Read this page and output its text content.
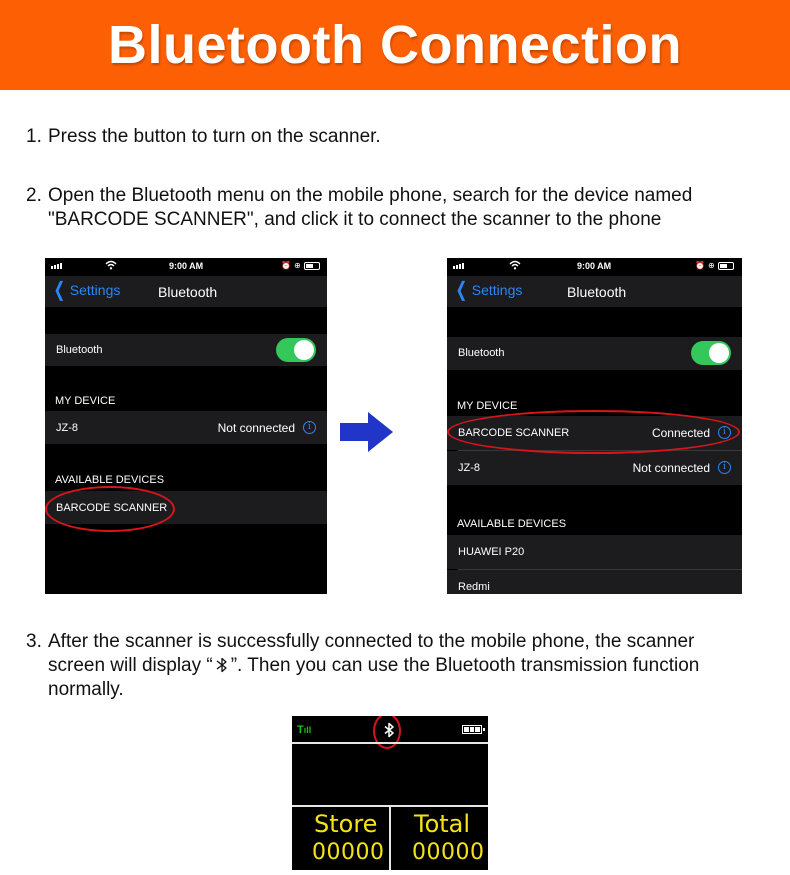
Bluetooth Connection
1. Press the button to turn on the scanner.

2. Open the Bluetooth menu on the mobile phone, search for the device named

"BARCODE SCANNER", and click it to connect the scanner to the phone

9:00 AM	⏰ ⊕
❮ Settings	Bluetooth
Bluetooth
MY DEVICE
JZ-8	Not connected	i
AVAILABLE DEVICES
BARCODE SCANNER
9:00 AM	⏰ ⊕
❮ Settings	Bluetooth
Bluetooth
MY DEVICE
BARCODE SCANNER	Connected	i
JZ-8	Not connected	i
AVAILABLE DEVICES
HUAWEI P20
Redmi
3. After the scanner is successfully connected to the mobile phone, the scanner

screen will display “ ”. Then you can use the Bluetooth transmission function

normally.

Tıll
Store Total
00000 00000
